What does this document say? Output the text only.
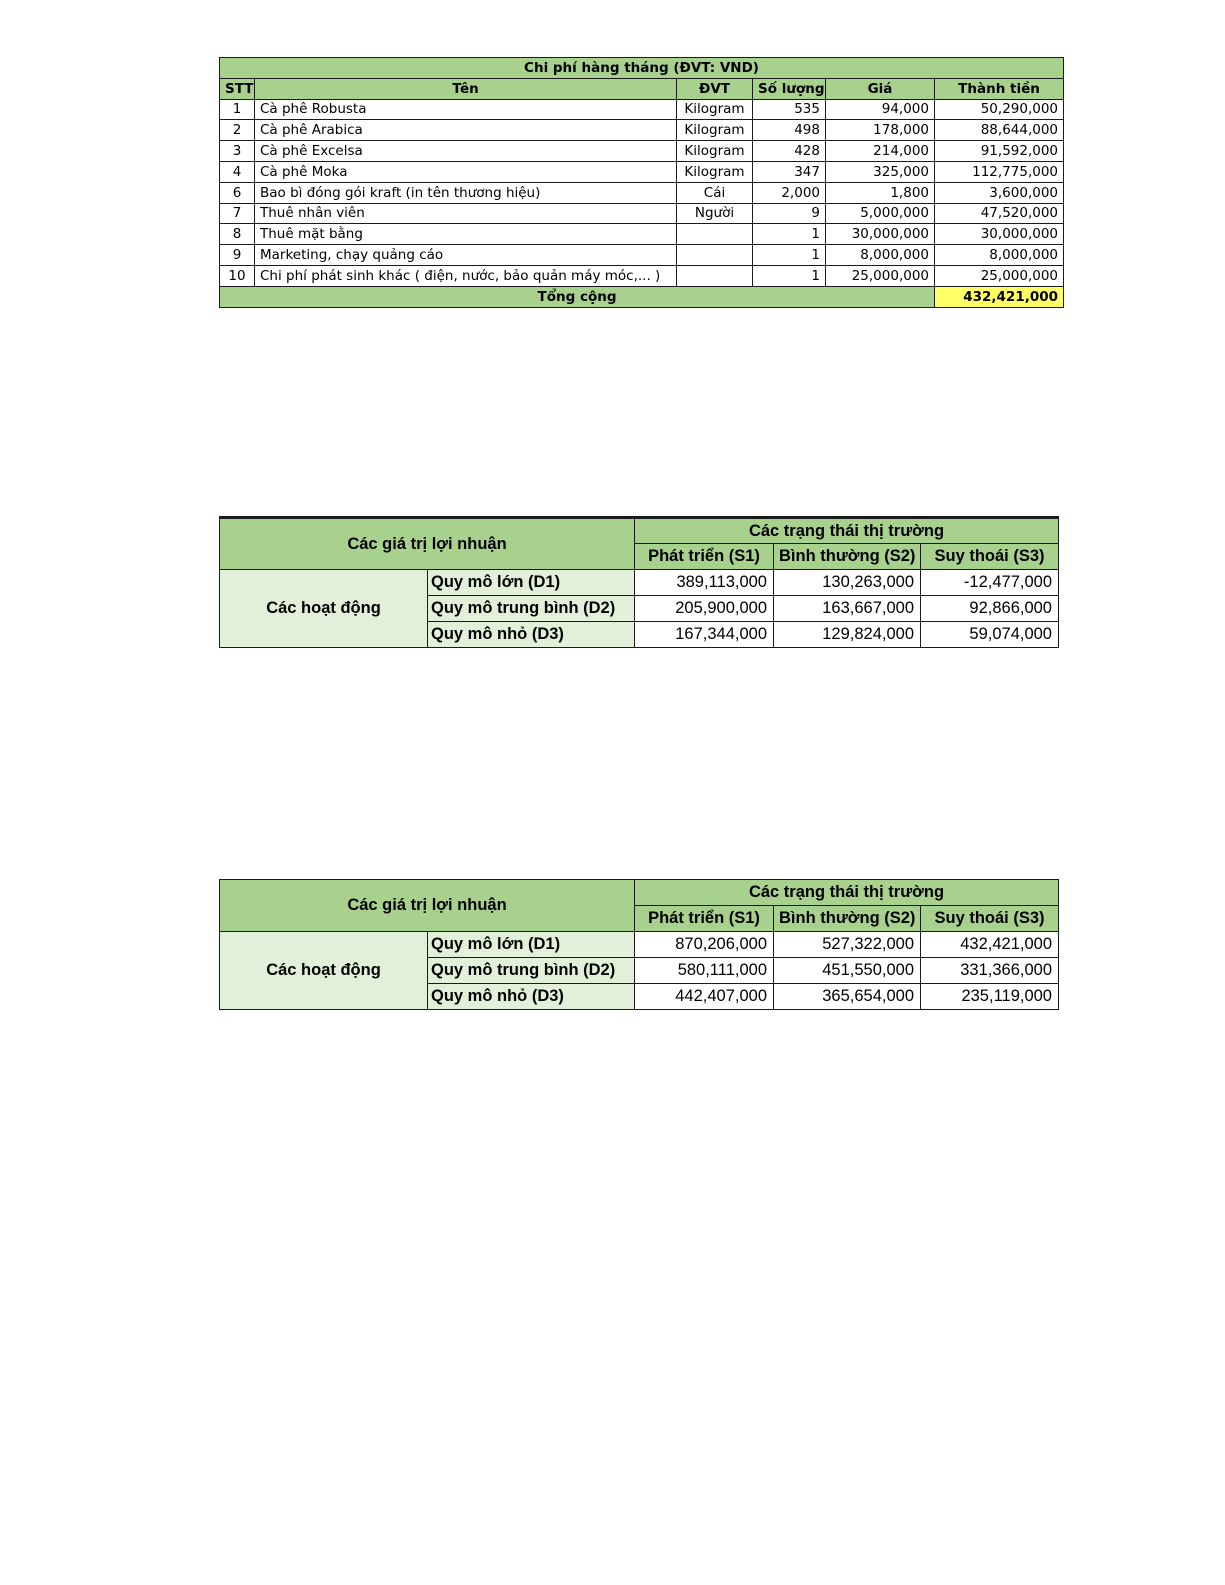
Chi phí hàng tháng (ĐVT: VND)					
STT	Tên	ĐVT	Số lượng	Giá	Thành tiền
1	Cà phê Robusta	Kilogram	535	94,000	50,290,000
2	Cà phê Arabica	Kilogram	498	178,000	88,644,000
3	Cà phê Excelsa	Kilogram	428	214,000	91,592,000
4	Cà phê Moka	Kilogram	347	325,000	112,775,000
6	Bao bì đóng gói kraft (in tên thương hiệu)	Cái	2,000	1,800	3,600,000
7	Thuê nhân viên	Người	9	5,000,000	47,520,000
8	Thuê mặt bằng		1	30,000,000	30,000,000
9	Marketing, chạy quảng cáo		1	8,000,000	8,000,000
10	Chi phí phát sinh khác ( điện, nước, bảo quản máy móc,... )		1	25,000,000	25,000,000
Tổng cộng					432,421,000
Các giá trị lợi nhuận		Các trạng thái thị trường		
		Phát triển (S1)	Bình thường (S2)	Suy thoái (S3)
Các hoạt động	Quy mô lớn (D1)	389,113,000	130,263,000	-12,477,000
	Quy mô trung bình (D2)	205,900,000	163,667,000	92,866,000
	Quy mô nhỏ (D3)	167,344,000	129,824,000	59,074,000
Các giá trị lợi nhuận		Các trạng thái thị trường		
		Phát triển (S1)	Bình thường (S2)	Suy thoái (S3)
Các hoạt động	Quy mô lớn (D1)	870,206,000	527,322,000	432,421,000
	Quy mô trung bình (D2)	580,111,000	451,550,000	331,366,000
	Quy mô nhỏ (D3)	442,407,000	365,654,000	235,119,000
